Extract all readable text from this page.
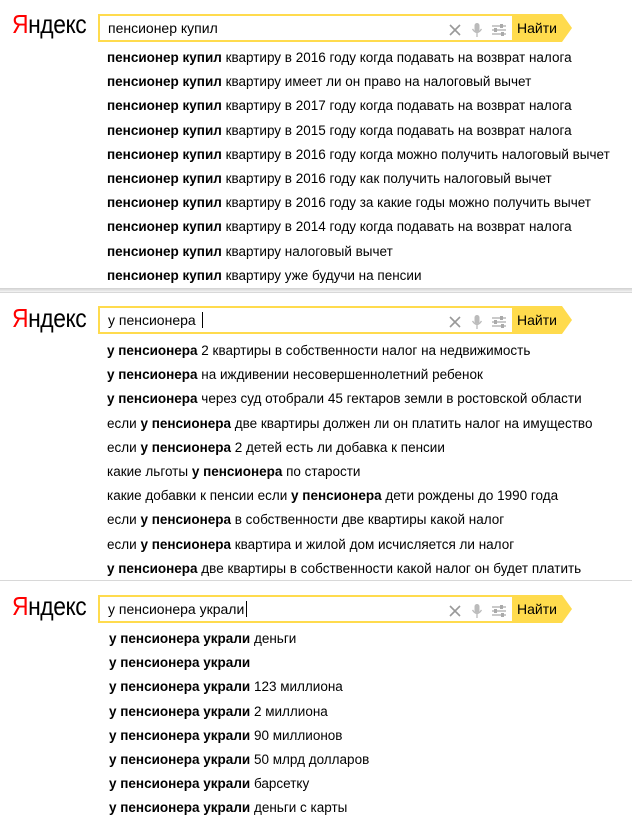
Яндекс пенсионер купил	Найти
пенсионер купил квартиру в 2016 году когда подавать на возврат налога
пенсионер купил квартиру имеет ли он право на налоговый вычет
пенсионер купил квартиру в 2017 году когда подавать на возврат налога
пенсионер купил квартиру в 2015 году когда подавать на возврат налога
пенсионер купил квартиру в 2016 году когда можно получить налоговый вычет
пенсионер купил квартиру в 2016 году как получить налоговый вычет
пенсионер купил квартиру в 2016 году за какие годы можно получить вычет
пенсионер купил квартиру в 2014 году когда подавать на возврат налога
пенсионер купил квартиру налоговый вычет
пенсионер купил квартиру уже будучи на пенсии
Яндекс у пенсионера	Найти
у пенсионера 2 квартиры в собственности налог на недвижимость
у пенсионера на иждивении несовершеннолетний ребенок
у пенсионера через суд отобрали 45 гектаров земли в ростовской области
если у пенсионера две квартиры должен ли он платить налог на имущество
если у пенсионера 2 детей есть ли добавка к пенсии
какие льготы у пенсионера по старости
какие добавки к пенсии если у пенсионера дети рождены до 1990 года
если у пенсионера в собственности две квартиры какой налог
если у пенсионера квартира и жилой дом исчисляется ли налог
у пенсионера две квартиры в собственности какой налог он будет платить
Яндекс у пенсионера украли	Найти
у пенсионера украли деньги
у пенсионера украли
у пенсионера украли 123 миллиона
у пенсионера украли 2 миллиона
у пенсионера украли 90 миллионов
у пенсионера украли 50 млрд долларов
у пенсионера украли барсетку
у пенсионера украли деньги с карты
